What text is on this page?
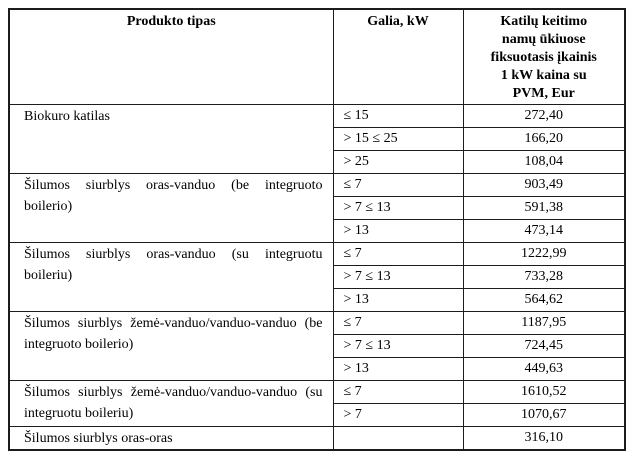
Produkto tipas	Galia, kW	Katilų keitimo
namų ūkiuose
fiksuotasis įkainis
1 kW kaina su
PVM, Eur

Biokuro katilas	≤ 15	272,40
	> 15 ≤ 25	166,20
	> 25	108,04
Šilumos siurblys oras-vanduo (be integruoto boilerio)	≤ 7	903,49
	> 7 ≤ 13	591,38
	> 13	473,14
Šilumos siurblys oras-vanduo (su integruotu boileriu)	≤ 7	1222,99
	> 7 ≤ 13	733,28
	> 13	564,62
Šilumos siurblys žemė-vanduo/vanduo-vanduo (be integruoto boilerio)	≤ 7	1187,95
	> 7 ≤ 13	724,45
	> 13	449,63
Šilumos siurblys žemė-vanduo/vanduo-vanduo (su integruotu boileriu)	≤ 7	1610,52
	> 7	1070,67
Šilumos siurblys oras-oras		316,10
